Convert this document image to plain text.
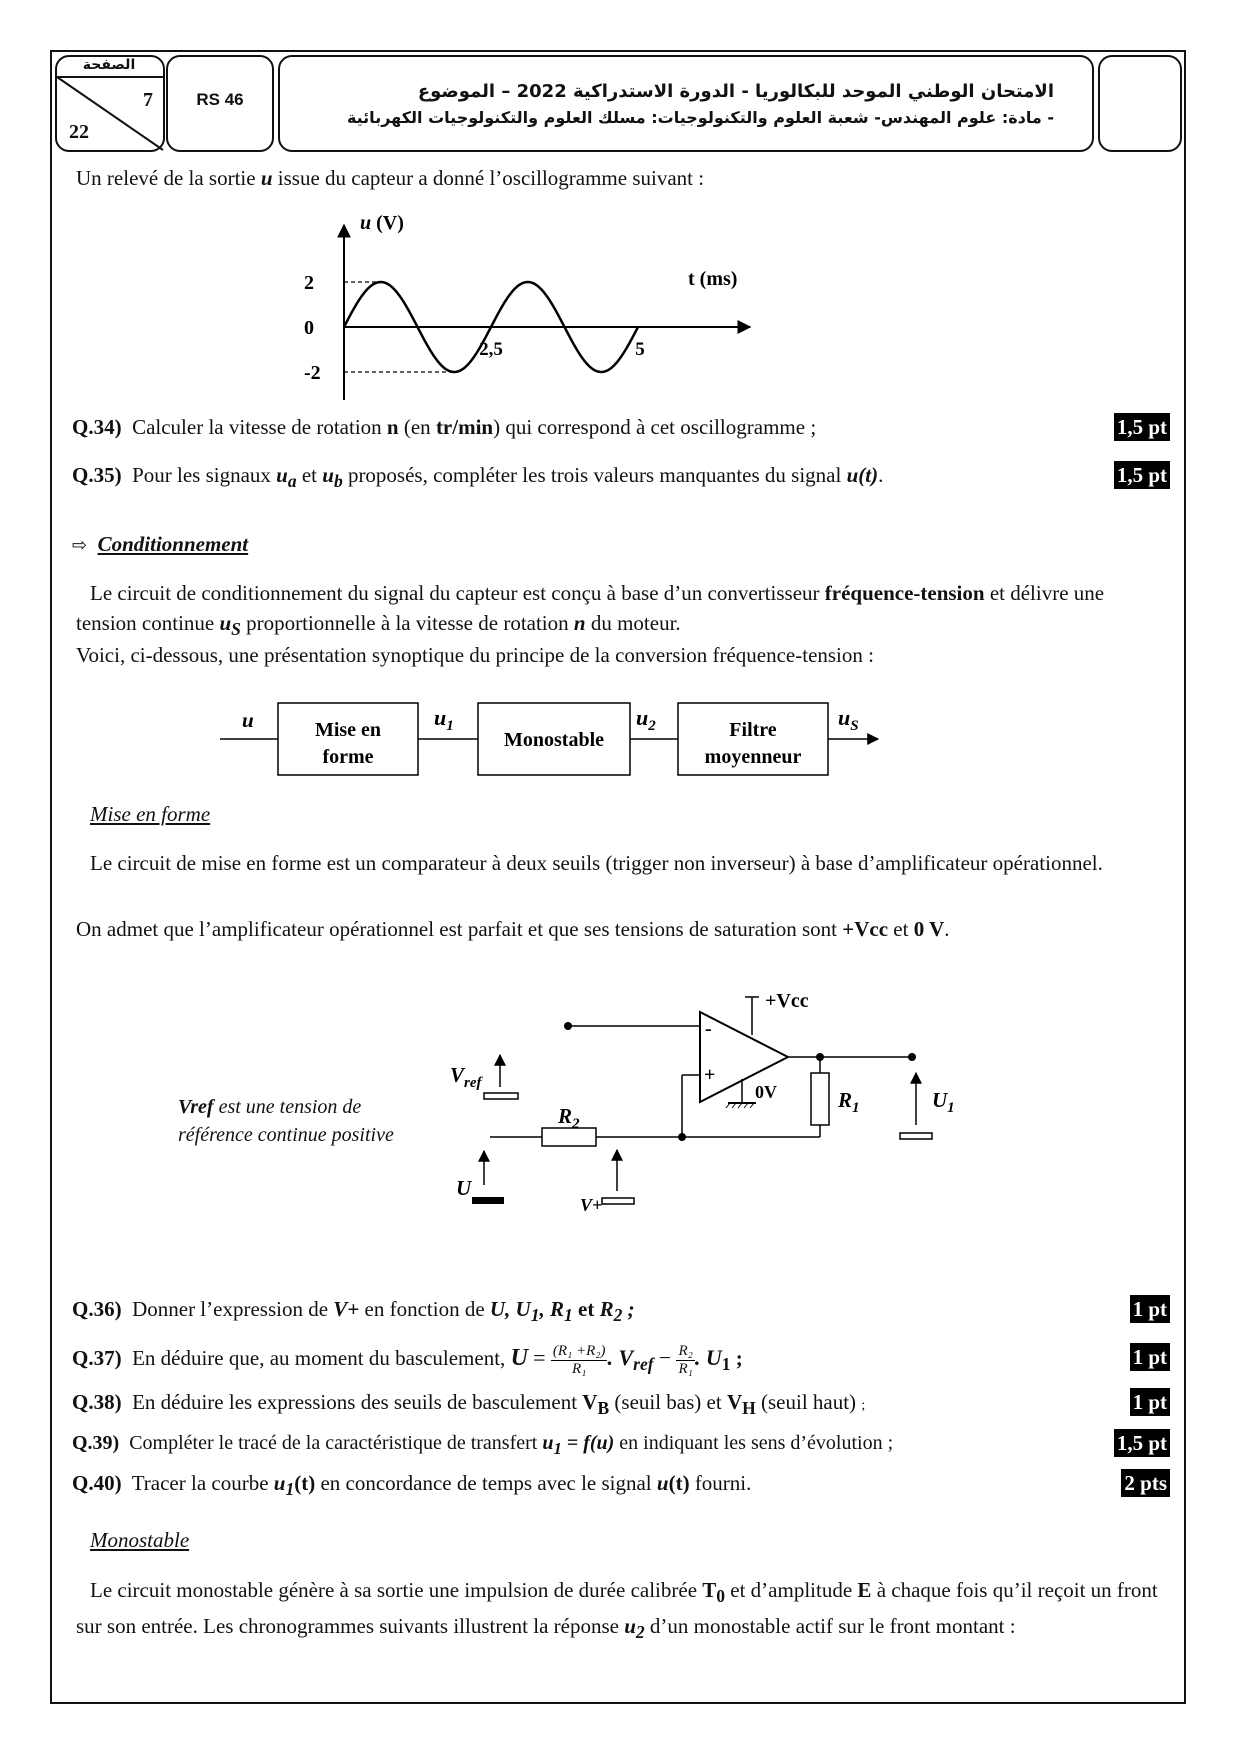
الصفحة
7
22
RS 46	الامتحان الوطني الموحد للبكالوريا - الدورة الاستدراكية 2022 – الموضوع
- مادة: علوم المهندس- شعبة العلوم والتكنولوجيات: مسلك العلوم والتكنولوجيات الكهربائية
Un relevé de la sortie u issue du capteur a donné l’oscillogramme suivant :
u (V)
t (ms)
2
0
-2
2,5	5
Q.34) Calculer la vitesse de rotation n (en tr/min) qui correspond à cet oscillogramme ;	1,5 pt
Q.35) Pour les signaux $u_a$ et $u_b$ proposés, compléter les trois valeurs manquantes du signal u(t).	1,5 pt
⇨ Conditionnement
Le circuit de conditionnement du signal du capteur est conçu à base d’un convertisseur fréquence-tension et délivre une tension continue $u_S$ proportionnelle à la vitesse de rotation n du moteur.
Voici, ci-dessous, une présentation synoptique du principe de la conversion fréquence-tension :
u	Mise en
forme
$u_1$
Monostable
$u_2$	Filtre
moyenneur
$u_S$
Mise en forme
Le circuit de mise en forme est un comparateur à deux seuils (trigger non inverseur) à base d’amplificateur opérationnel.
On admet que l’amplificateur opérationnel est parfait et que ses tensions de saturation sont +Vcc et 0 V.
Vref est une tension de
référence continue positive
+Vcc
0V
-
+
$V_{ref}$
$R_2$
$R_1$	$U_1$
U
V+
Q.36) Donner l’expression de V+ en fonction de U, $U_1$, $R_1$ et $R_2$ ;	1 pt
Q.37) En déduire que, au moment du basculement, $U = \frac{\text{(R₁ +R₂)}}{\text{R₁}}$ . $V_{ref} - \frac{\text{R₂}}{\text{R₁}}$ . $U_1$ ;	1 pt
Q.38) En déduire les expressions des seuils de basculement $V_B$ (seuil bas) et $V_H$ (seuil haut) ;	1 pt
Q.39) Compléter le tracé de la caractéristique de transfert $u_1 = f(u)$ en indiquant les sens d’évolution ;	1,5 pt
Q.40) Tracer la courbe $u_1(t)$ en concordance de temps avec le signal u(t) fourni.	2 pts
Monostable
Le circuit monostable génère à sa sortie une impulsion de durée calibrée $T_0$ et d’amplitude E à chaque fois qu’il reçoit un front sur son entrée. Les chronogrammes suivants illustrent la réponse $u_2$ d’un monostable actif sur le front montant :
